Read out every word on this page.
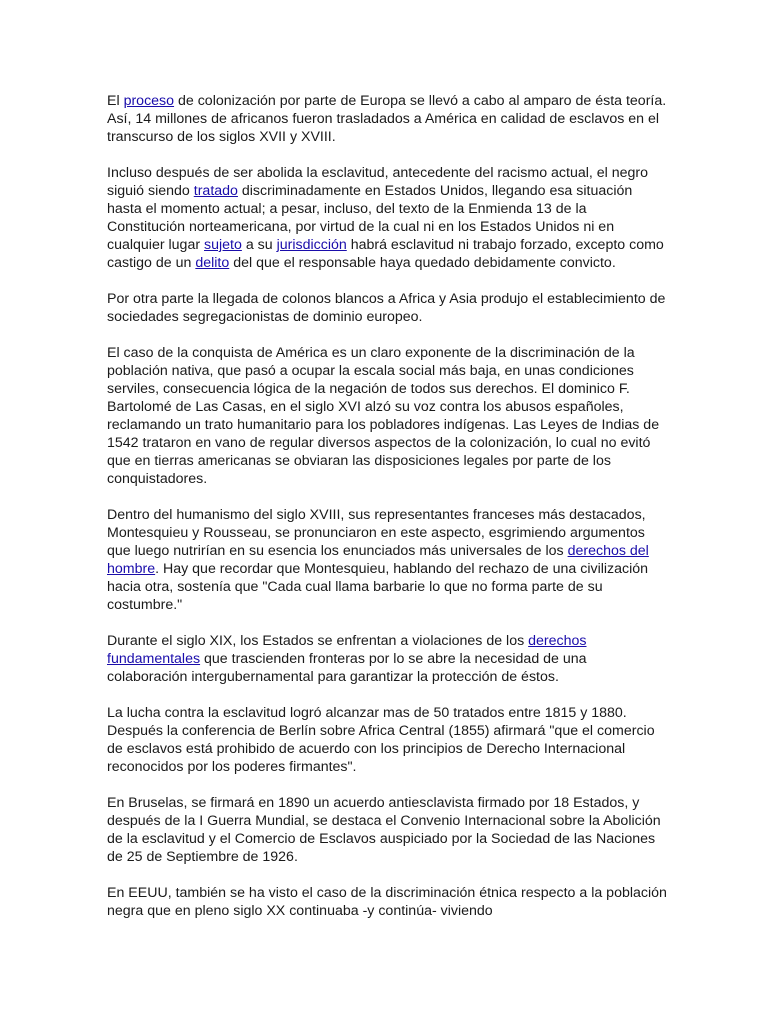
El proceso de colonización por parte de Europa se llevó a cabo al amparo de ésta teoría. Así, 14 millones de africanos fueron trasladados a América en calidad de esclavos en el transcurso de los siglos XVII y XVIII.

Incluso después de ser abolida la esclavitud, antecedente del racismo actual, el negro siguió siendo tratado discriminadamente en Estados Unidos, llegando esa situación hasta el momento actual; a pesar, incluso, del texto de la Enmienda 13 de la Constitución norteamericana, por virtud de la cual ni en los Estados Unidos ni en cualquier lugar sujeto a su jurisdicción habrá esclavitud ni trabajo forzado, excepto como castigo de un delito del que el responsable haya quedado debidamente convicto.

Por otra parte la llegada de colonos blancos a Africa y Asia produjo el establecimiento de sociedades segregacionistas de dominio europeo.

El caso de la conquista de América es un claro exponente de la discriminación de la población nativa, que pasó a ocupar la escala social más baja, en unas condiciones serviles, consecuencia lógica de la negación de todos sus derechos. El dominico F. Bartolomé de Las Casas, en el siglo XVI alzó su voz contra los abusos españoles, reclamando un trato humanitario para los pobladores indígenas. Las Leyes de Indias de 1542 trataron en vano de regular diversos aspectos de la colonización, lo cual no evitó que en tierras americanas se obviaran las disposiciones legales por parte de los conquistadores.

Dentro del humanismo del siglo XVIII, sus representantes franceses más destacados, Montesquieu y Rousseau, se pronunciaron en este aspecto, esgrimiendo argumentos que luego nutrirían en su esencia los enunciados más universales de los derechos del hombre. Hay que recordar que Montesquieu, hablando del rechazo de una civilización hacia otra, sostenía que "Cada cual llama barbarie lo que no forma parte de su costumbre."

Durante el siglo XIX, los Estados se enfrentan a violaciones de los derechos fundamentales que trascienden fronteras por lo se abre la necesidad de una colaboración intergubernamental para garantizar la protección de éstos.

La lucha contra la esclavitud logró alcanzar mas de 50 tratados entre 1815 y 1880. Después la conferencia de Berlín sobre Africa Central (1855) afirmará "que el comercio de esclavos está prohibido de acuerdo con los principios de Derecho Internacional reconocidos por los poderes firmantes".

En Bruselas, se firmará en 1890 un acuerdo antiesclavista firmado por 18 Estados, y después de la I Guerra Mundial, se destaca el Convenio Internacional sobre la Abolición de la esclavitud y el Comercio de Esclavos auspiciado por la Sociedad de las Naciones de 25 de Septiembre de 1926.

En EEUU, también se ha visto el caso de la discriminación étnica respecto a la población negra que en pleno siglo XX continuaba -y continúa- viviendo
